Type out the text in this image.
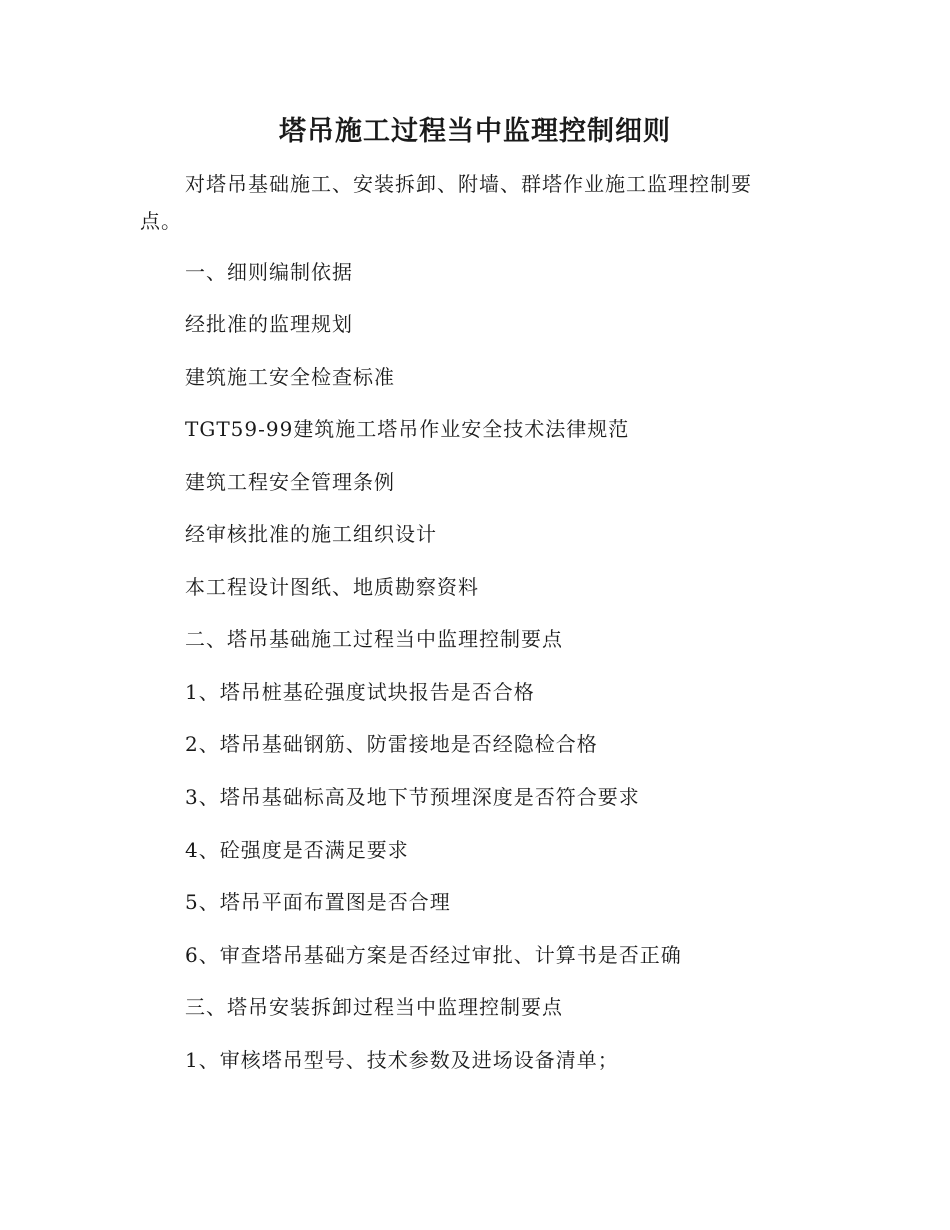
塔吊施工过程当中监理控制细则

对塔吊基础施工、安装拆卸、附墙、群塔作业施工监理控制要点。

一、细则编制依据

经批准的监理规划

建筑施工安全检查标准

TGT59-99建筑施工塔吊作业安全技术法律规范

建筑工程安全管理条例

经审核批准的施工组织设计

本工程设计图纸、地质勘察资料

二、塔吊基础施工过程当中监理控制要点

1、塔吊桩基砼强度试块报告是否合格

2、塔吊基础钢筋、防雷接地是否经隐检合格

3、塔吊基础标高及地下节预埋深度是否符合要求

4、砼强度是否满足要求

5、塔吊平面布置图是否合理

6、审查塔吊基础方案是否经过审批、计算书是否正确

三、塔吊安装拆卸过程当中监理控制要点

1、审核塔吊型号、技术参数及进场设备清单；
